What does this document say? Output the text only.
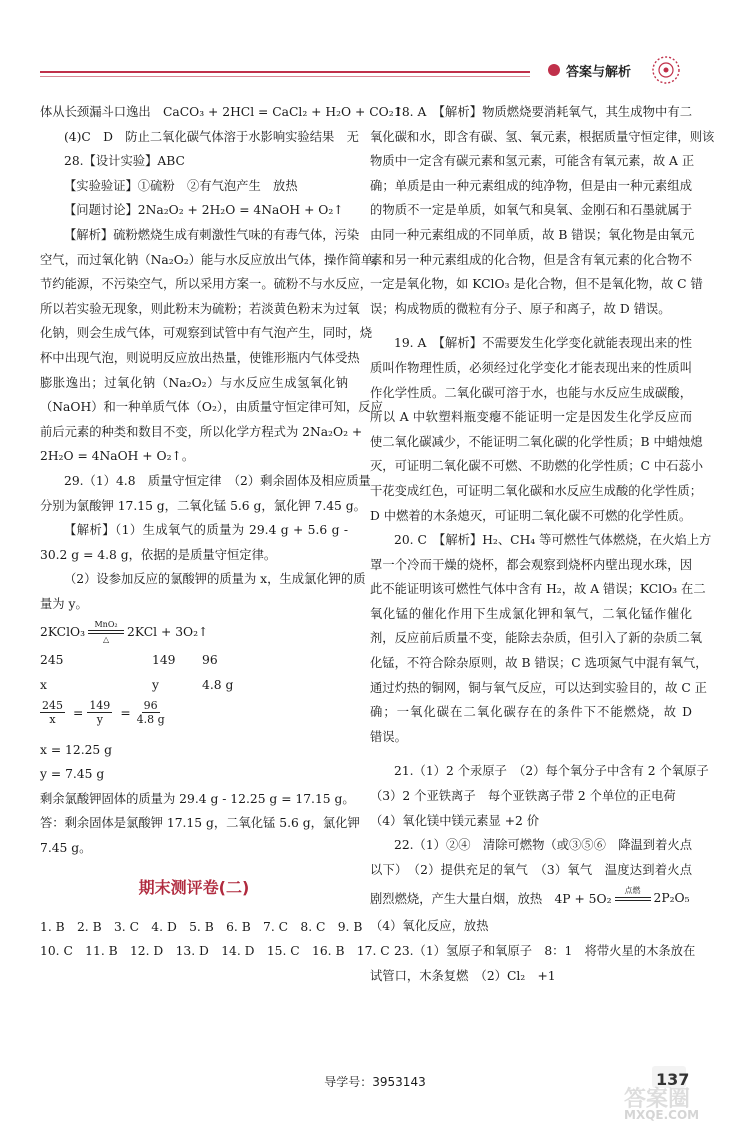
答案与解析
体从长颈漏斗口逸出　CaCO₃ + 2HCl = CaCl₂ + H₂O + CO₂↑
(4)C　D　防止二氧化碳气体溶于水影响实验结果　无
28.【设计实验】ABC
【实验验证】①硫粉　②有气泡产生　放热
【问题讨论】2Na₂O₂ + 2H₂O = 4NaOH + O₂↑
【解析】硫粉燃烧生成有刺激性气味的有毒气体，污染
空气，而过氧化钠（Na₂O₂）能与水反应放出气体，操作简单，
节约能源，不污染空气，所以采用方案一。硫粉不与水反应，
所以若实验无现象，则此粉末为硫粉；若淡黄色粉末为过氧
化钠，则会生成气体，可观察到试管中有气泡产生，同时，烧
杯中出现气泡，则说明反应放出热量，使锥形瓶内气体受热
膨胀逸出；过氧化钠（Na₂O₂）与水反应生成氢氧化钠
（NaOH）和一种单质气体（O₂），由质量守恒定律可知，反应
前后元素的种类和数目不变，所以化学方程式为 2Na₂O₂ +
2H₂O = 4NaOH + O₂↑。
29.（1）4.8　质量守恒定律　（2）剩余固体及相应质量
分别为氯酸钾 17.15 g，二氧化锰 5.6 g，氯化钾 7.45 g。
【解析】（1）生成氧气的质量为 29.4 g + 5.6 g -
30.2 g = 4.8 g，依据的是质量守恒定律。
（2）设参加反应的氯酸钾的质量为 x，生成氯化钾的质
量为 y。
2KClO₃
MnO₂
△
2KCl + 3O₂↑
245	149	96
x	y	4.8 g
$\frac{245}{x} = \frac{149}{y} = \frac{96}{4.8 g}$
x = 12.25 g
y = 7.45 g
剩余氯酸钾固体的质量为 29.4 g - 12.25 g = 17.15 g。
答：剩余固体是氯酸钾 17.15 g，二氧化锰 5.6 g，氯化钾
7.45 g。
期末测评卷(二)
1. B　2. B　3. C　4. D　5. B　6. B　7. C　8. C　9. B
10. C　11. B　12. D　13. D　14. D　15. C　16. B　17. C
18. A　【解析】物质燃烧要消耗氧气，其生成物中有二
氧化碳和水，即含有碳、氢、氧元素，根据质量守恒定律，则该
物质中一定含有碳元素和氢元素，可能含有氧元素，故 A 正
确；单质是由一种元素组成的纯净物，但是由一种元素组成
的物质不一定是单质，如氧气和臭氧、金刚石和石墨就属于
由同一种元素组成的不同单质，故 B 错误；氧化物是由氧元
素和另一种元素组成的化合物，但是含有氧元素的化合物不
一定是氧化物，如 KClO₃ 是化合物，但不是氧化物，故 C 错
误；构成物质的微粒有分子、原子和离子，故 D 错误。
19. A　【解析】不需要发生化学变化就能表现出来的性
质叫作物理性质，必须经过化学变化才能表现出来的性质叫
作化学性质。二氧化碳可溶于水，也能与水反应生成碳酸，
所以 A 中软塑料瓶变瘪不能证明一定是因发生化学反应而
使二氧化碳减少，不能证明二氧化碳的化学性质；B 中蜡烛熄
灭，可证明二氧化碳不可燃、不助燃的化学性质；C 中石蕊小
干花变成红色，可证明二氧化碳和水反应生成酸的化学性质；
D 中燃着的木条熄灭，可证明二氧化碳不可燃的化学性质。
20. C　【解析】H₂、CH₄ 等可燃性气体燃烧，在火焰上方
罩一个冷而干燥的烧杯，都会观察到烧杯内壁出现水珠，因
此不能证明该可燃性气体中含有 H₂，故 A 错误；KClO₃ 在二
氧化锰的催化作用下生成氯化钾和氧气，二氧化锰作催化
剂，反应前后质量不变，能除去杂质，但引入了新的杂质二氧
化锰，不符合除杂原则，故 B 错误；C 选项氮气中混有氧气，
通过灼热的铜网，铜与氧气反应，可以达到实验目的，故 C 正
确；一氧化碳在二氧化碳存在的条件下不能燃烧，故 D
错误。
21.（1）2 个汞原子　（2）每个氧分子中含有 2 个氧原子
（3）2 个亚铁离子　每个亚铁离子带 2 个单位的正电荷
（4）氧化镁中镁元素显 +2 价
22.（1）②④　清除可燃物（或③⑤⑥　降温到着火点
以下）　（2）提供充足的氧气　（3）氧气　温度达到着火点
剧烈燃烧，产生大量白烟，放热　4P + 5O₂
点燃

2P₂O₅
（4）氧化反应，放热
23.（1）氢原子和氧原子　8：1　将带火星的木条放在
试管口，木条复燃　（2）Cl₂　+1
导学号：3953143	137
答案圈
MXQE.COM
